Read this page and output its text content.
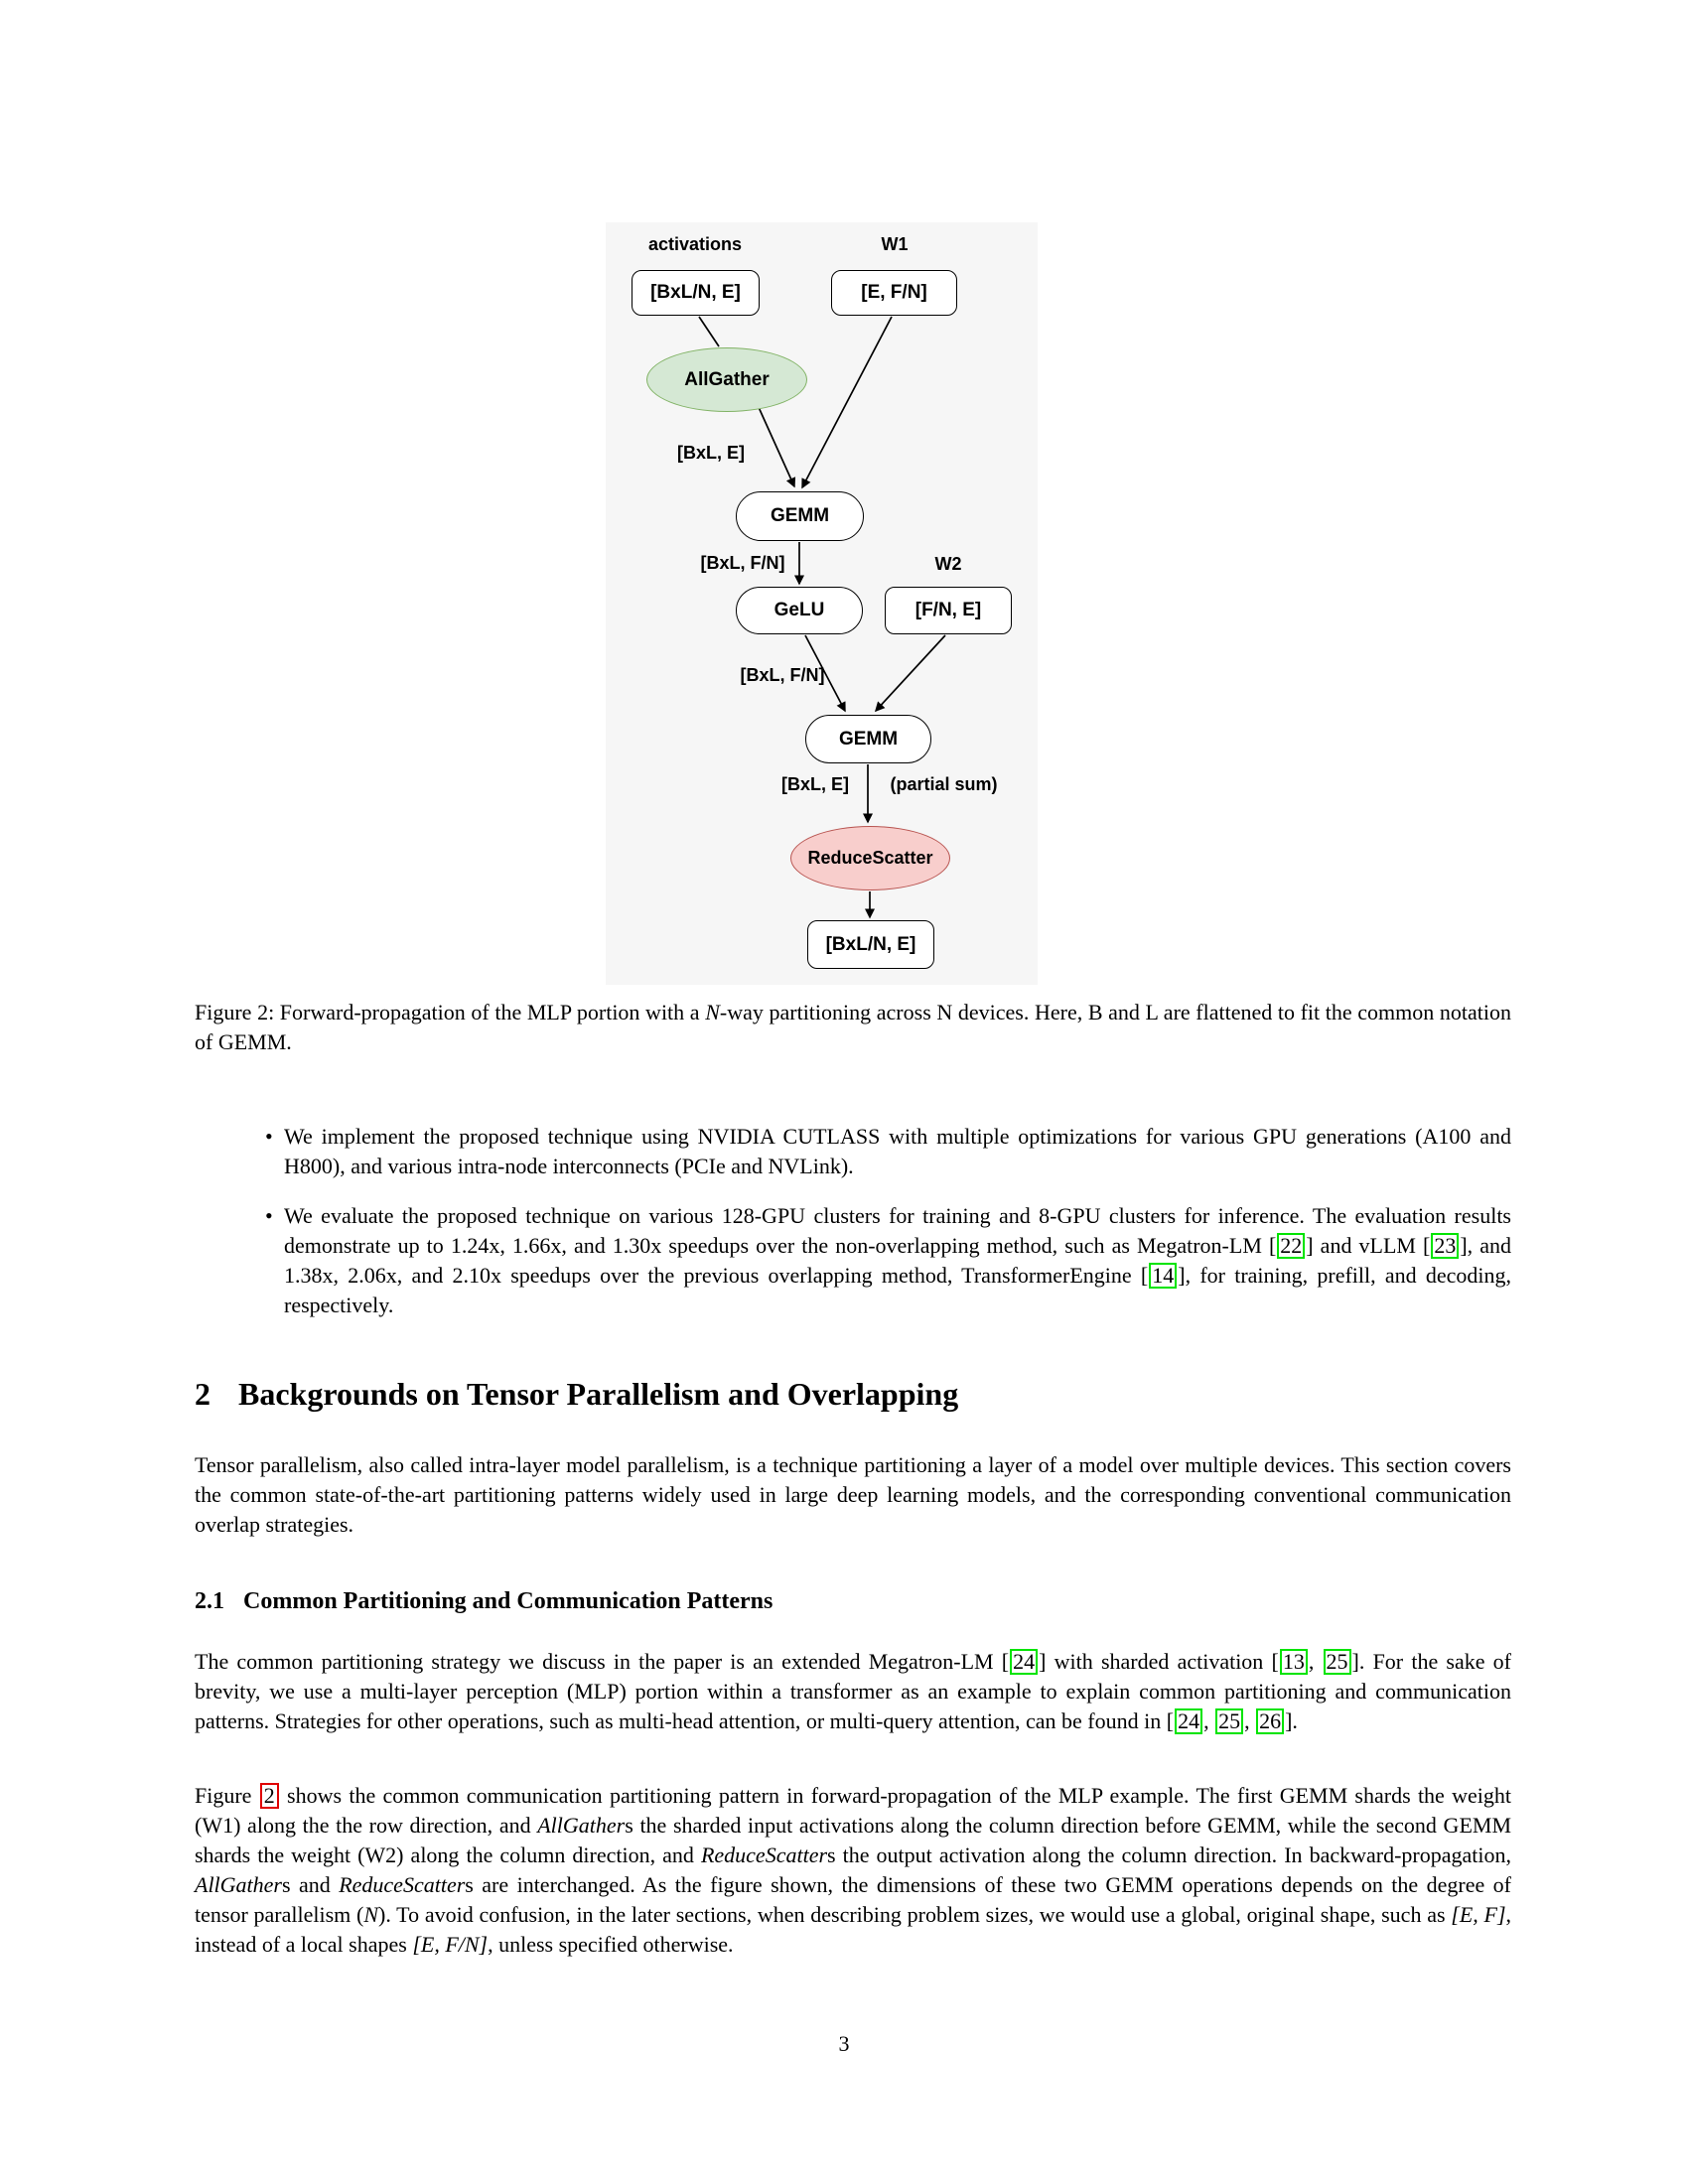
activations	W1
[BxL/N, E]	[E, F/N]
AllGather
[BxL, E]
GEMM
[BxL, F/N]	W2
GeLU	[F/N, E]
[BxL, F/N]
GEMM
[BxL, E]	(partial sum)
ReduceScatter
[BxL/N, E]
Figure 2: Forward-propagation of the MLP portion with a N-way partitioning across N devices. Here, B and L are flattened to fit the common notation of GEMM.
• We implement the proposed technique using NVIDIA CUTLASS with multiple optimizations for various GPU generations (A100 and H800), and various intra-node interconnects (PCIe and NVLink).
• We evaluate the proposed technique on various 128-GPU clusters for training and 8-GPU clusters for inference. The evaluation results demonstrate up to 1.24x, 1.66x, and 1.30x speedups over the non-overlapping method, such as Megatron-LM [ 22 ] and vLLM [ 23 ], and 1.38x, 2.06x, and 2.10x speedups over the previous overlapping method, TransformerEngine [ 14 ], for training, prefill, and decoding, respectively.
2 Backgrounds on Tensor Parallelism and Overlapping
Tensor parallelism, also called intra-layer model parallelism, is a technique partitioning a layer of a model over multiple devices. This section covers the common state-of-the-art partitioning patterns widely used in large deep learning models, and the corresponding conventional communication overlap strategies.
2.1 Common Partitioning and Communication Patterns
The common partitioning strategy we discuss in the paper is an extended Megatron-LM [ 24 ] with sharded activation [ 13 , 25 ]. For the sake of brevity, we use a multi-layer perception (MLP) portion within a transformer as an example to explain common partitioning and communication patterns. Strategies for other operations, such as multi-head attention, or multi-query attention, can be found in [ 24 , 25 , 26 ].
Figure 2 shows the common communication partitioning pattern in forward-propagation of the MLP example. The first GEMM shards the weight (W1) along the the row direction, and AllGathers the sharded input activations along the column direction before GEMM, while the second GEMM shards the weight (W2) along the column direction, and ReduceScatters the output activation along the column direction. In backward-propagation, AllGathers and ReduceScatters are interchanged. As the figure shown, the dimensions of these two GEMM operations depends on the degree of tensor parallelism (N). To avoid confusion, in the later sections, when describing problem sizes, we would use a global, original shape, such as [E, F], instead of a local shapes [E, F/N], unless specified otherwise.
3
